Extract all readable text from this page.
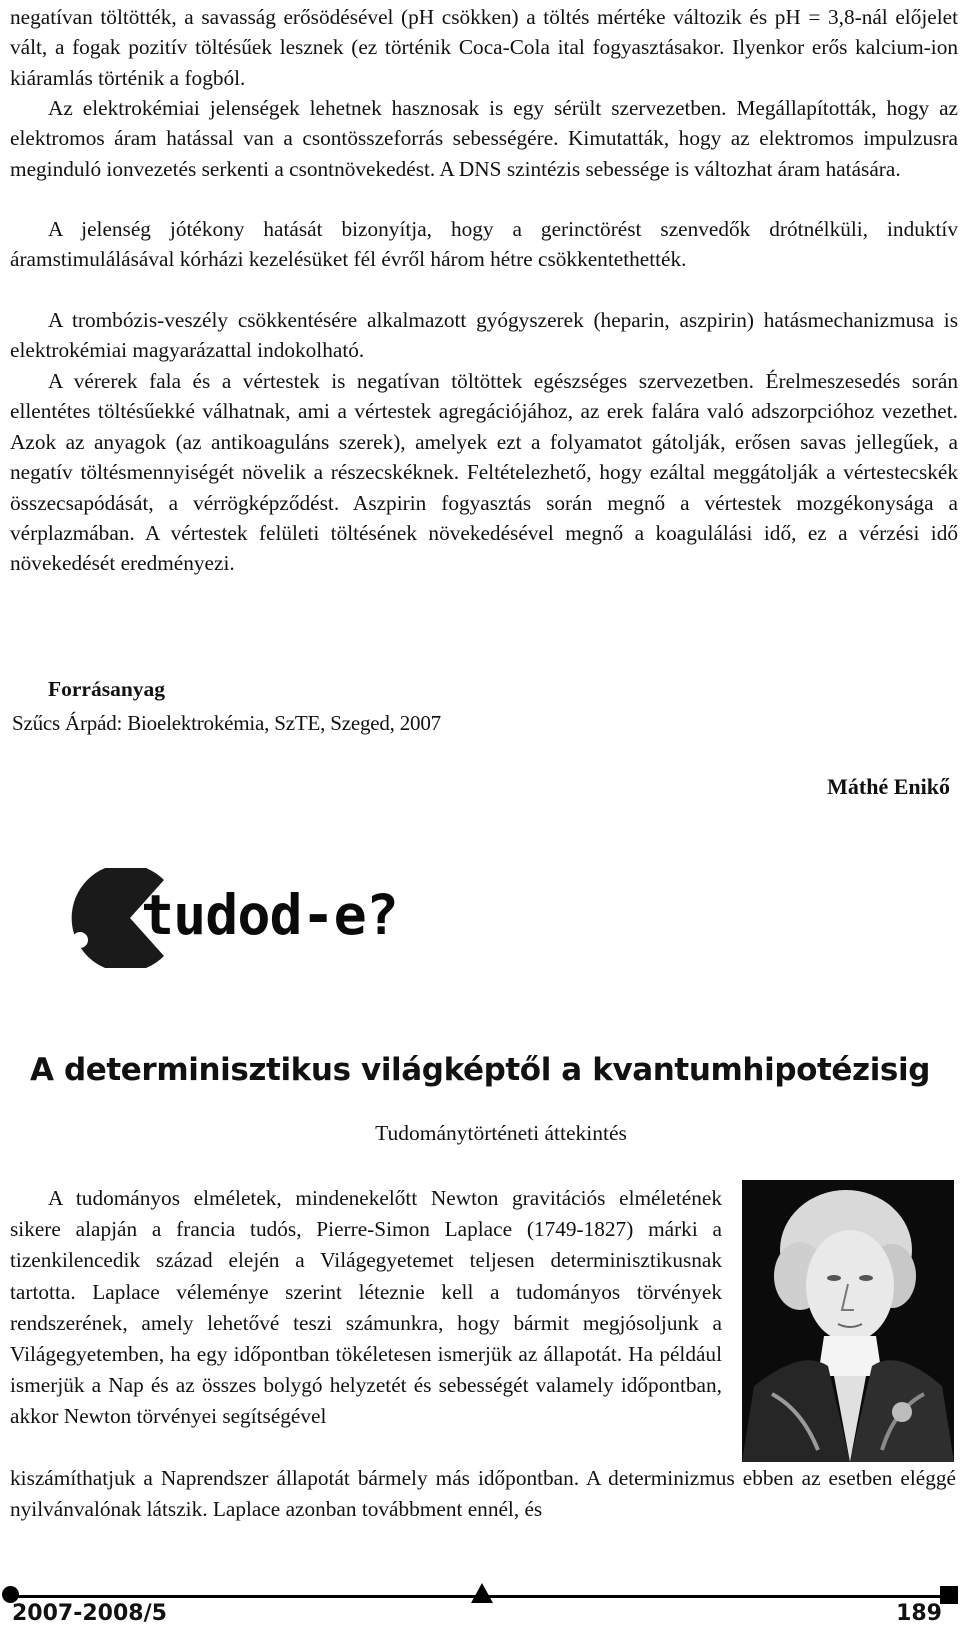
negatívan töltötték, a savasság erősödésével (pH csökken) a töltés mértéke változik és pH = 3,8-nál előjelet vált, a fogak pozitív töltésűek lesznek (ez történik Coca-Cola ital fogyasztásakor. Ilyenkor erős kalcium-ion kiáramlás történik a fogból.

Az elektrokémiai jelenségek lehetnek hasznosak is egy sérült szervezetben. Megállapították, hogy az elektromos áram hatással van a csontösszeforrás sebességére. Kimutatták, hogy az elektromos impulzusra meginduló ionvezetés serkenti a csontnövekedést. A DNS szintézis sebessége is változhat áram hatására.

A jelenség jótékony hatását bizonyítja, hogy a gerinctörést szenvedők drótnélküli, induktív áramstimulálásával kórházi kezelésüket fél évről három hétre csökkentethették.

A trombózis-veszély csökkentésére alkalmazott gyógyszerek (heparin, aszpirin) hatásmechanizmusa is elektrokémiai magyarázattal indokolható.

A vérerek fala és a vértestek is negatívan töltöttek egészséges szervezetben. Érelmeszesedés során ellentétes töltésűekké válhatnak, ami a vértestek agregációjához, az erek falára való adszorpcióhoz vezethet. Azok az anyagok (az antikoaguláns szerek), amelyek ezt a folyamatot gátolják, erősen savas jellegűek, a negatív töltésmennyiségét növelik a részecskéknek. Feltételezhető, hogy ezáltal meggátolják a vértestecskék összecsapódását, a vérrögképződést. Aszpirin fogyasztás során megnő a vértestek mozgékonysága a vérplazmában. A vértestek felületi töltésének növekedésével megnő a koagulálási idő, ez a vérzési idő növekedését eredményezi.

Forrásanyag

Szűcs Árpád: Bioelektrokémia, SzTE, Szeged, 2007

Máthé Enikő

tudod-e?

A determinisztikus világképtől a kvantumhipotézisig

Tudománytörténeti áttekintés

A tudományos elméletek, mindenekelőtt Newton gravitációs elméletének sikere alapján a francia tudós, Pierre-Simon Laplace (1749-1827) márki a tizenkilencedik század elején a Világegyetemet teljesen determinisztikusnak tartotta. Laplace véleménye szerint léteznie kell a tudományos törvények rendszerének, amely lehetővé teszi számunkra, hogy bármit megjósoljunk a Világegyetemben, ha egy időpontban tökéletesen ismerjük az állapotát. Ha például ismerjük a Nap és az összes bolygó helyzetét és sebességét valamely időpontban, akkor Newton törvényei segítségével

kiszámíthatjuk a Naprendszer állapotát bármely más időpontban. A determinizmus ebben az esetben eléggé nyilvánvalónak látszik. Laplace azonban továbbment ennél, és

2007-2008/5	189
